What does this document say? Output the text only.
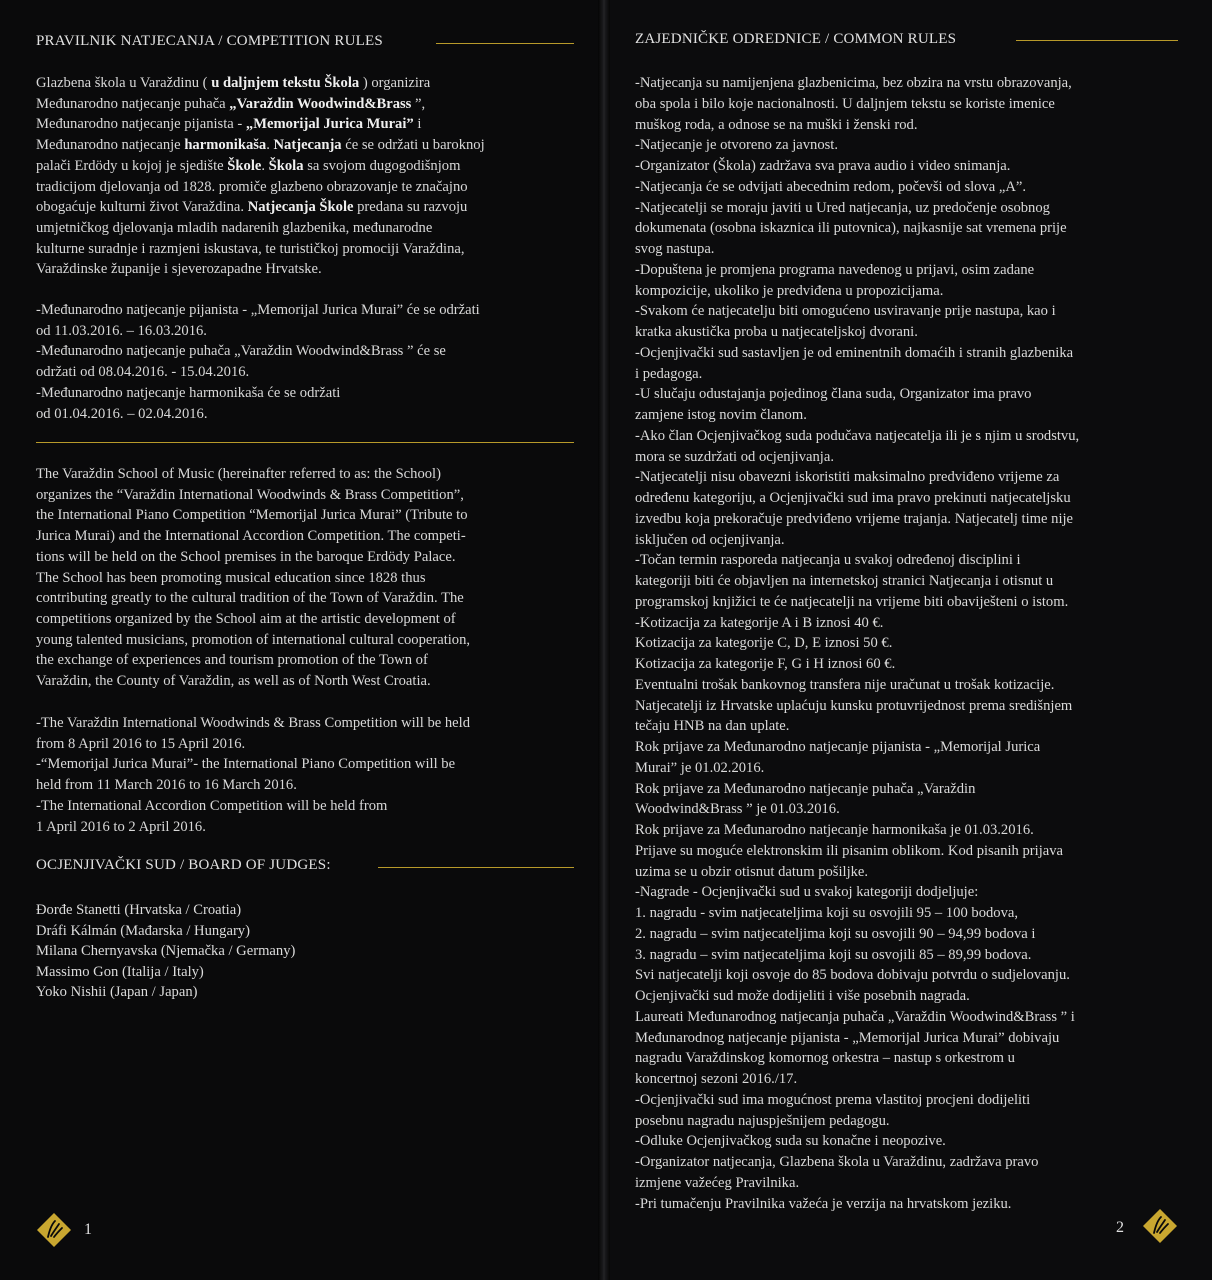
PRAVILNIK NATJECANJA / COMPETITION RULES

Glazbena škola u Varaždinu ( u daljnjem tekstu Škola ) organizira

Međunarodno natjecanje puhača „Varaždin Woodwind&Brass ”,

Međunarodno natjecanje pijanista - „Memorijal Jurica Murai” i

Međunarodno natjecanje harmonikaša. Natjecanja će se održati u baroknoj

palači Erdödy u kojoj je sjedište Škole. Škola sa svojom dugogodišnjom

tradicijom djelovanja od 1828. promiče glazbeno obrazovanje te značajno

obogaćuje kulturni život Varaždina. Natjecanja Škole predana su razvoju

umjetničkog djelovanja mladih nadarenih glazbenika, međunarodne

kulturne suradnje i razmjeni iskustava, te turističkoj promociji Varaždina,

Varaždinske županije i sjeverozapadne Hrvatske.

-Međunarodno natjecanje pijanista - „Memorijal Jurica Murai” će se održati

od 11.03.2016. – 16.03.2016.

-Međunarodno natjecanje puhača „Varaždin Woodwind&Brass ” će se

održati od 08.04.2016. - 15.04.2016.

-Međunarodno natjecanje harmonikaša će se održati

od 01.04.2016. – 02.04.2016.

The Varaždin School of Music (hereinafter referred to as: the School)

organizes the “Varaždin International Woodwinds & Brass Competition”,

the International Piano Competition “Memorijal Jurica Murai” (Tribute to

Jurica Murai) and the International Accordion Competition. The competi-

tions will be held on the School premises in the baroque Erdödy Palace.

The School has been promoting musical education since 1828 thus

contributing greatly to the cultural tradition of the Town of Varaždin. The

competitions organized by the School aim at the artistic development of

young talented musicians, promotion of international cultural cooperation,

the exchange of experiences and tourism promotion of the Town of

Varaždin, the County of Varaždin, as well as of North West Croatia.

-The Varaždin International Woodwinds & Brass Competition will be held

from 8 April 2016 to 15 April 2016.

-“Memorijal Jurica Murai”- the International Piano Competition will be

held from 11 March 2016 to 16 March 2016.

-The International Accordion Competition will be held from

1 April 2016 to 2 April 2016.

OCJENJIVAČKI SUD / BOARD OF JUDGES:

Đorđe Stanetti (Hrvatska / Croatia)

Dráfi Kálmán (Mađarska / Hungary)

Milana Chernyavska (Njemačka / Germany)

Massimo Gon (Italija / Italy)

Yoko Nishii (Japan / Japan)

1
ZAJEDNIČKE ODREDNICE / COMMON RULES

-Natjecanja su namijenjena glazbenicima, bez obzira na vrstu obrazovanja,

oba spola i bilo koje nacionalnosti. U daljnjem tekstu se koriste imenice

muškog roda, a odnose se na muški i ženski rod.

-Natjecanje je otvoreno za javnost.

-Organizator (Škola) zadržava sva prava audio i video snimanja.

-Natjecanja će se odvijati abecednim redom, počevši od slova „A”.

-Natjecatelji se moraju javiti u Ured natjecanja, uz predočenje osobnog

dokumenata (osobna iskaznica ili putovnica), najkasnije sat vremena prije

svog nastupa.

-Dopuštena je promjena programa navedenog u prijavi, osim zadane

kompozicije, ukoliko je predviđena u propozicijama.

-Svakom će natjecatelju biti omogućeno usviravanje prije nastupa, kao i

kratka akustička proba u natjecateljskoj dvorani.

-Ocjenjivački sud sastavljen je od eminentnih domaćih i stranih glazbenika

i pedagoga.

-U slučaju odustajanja pojedinog člana suda, Organizator ima pravo

zamjene istog novim članom.

-Ako član Ocjenjivačkog suda podučava natjecatelja ili je s njim u srodstvu,

mora se suzdržati od ocjenjivanja.

-Natjecatelji nisu obavezni iskoristiti maksimalno predviđeno vrijeme za

određenu kategoriju, a Ocjenjivački sud ima pravo prekinuti natjecateljsku

izvedbu koja prekoračuje predviđeno vrijeme trajanja. Natjecatelj time nije

isključen od ocjenjivanja.

-Točan termin rasporeda natjecanja u svakoj određenoj disciplini i

kategoriji biti će objavljen na internetskoj stranici Natjecanja i otisnut u

programskoj knjižici te će natjecatelji na vrijeme biti obaviješteni o istom.

-Kotizacija za kategorije A i B iznosi 40 €.

Kotizacija za kategorije C, D, E iznosi 50 €.

Kotizacija za kategorije F, G i H iznosi 60 €.

Eventualni trošak bankovnog transfera nije uračunat u trošak kotizacije.

Natjecatelji iz Hrvatske uplaćuju kunsku protuvrijednost prema središnjem

tečaju HNB na dan uplate.

Rok prijave za Međunarodno natjecanje pijanista - „Memorijal Jurica

Murai” je 01.02.2016.

Rok prijave za Međunarodno natjecanje puhača „Varaždin

Woodwind&Brass ” je 01.03.2016.

Rok prijave za Međunarodno natjecanje harmonikaša je 01.03.2016.

Prijave su moguće elektronskim ili pisanim oblikom. Kod pisanih prijava

uzima se u obzir otisnut datum pošiljke.

-Nagrade - Ocjenjivački sud u svakoj kategoriji dodjeljuje:

1. nagradu - svim natjecateljima koji su osvojili 95 – 100 bodova,

2. nagradu – svim natjecateljima koji su osvojili 90 – 94,99 bodova i

3. nagradu – svim natjecateljima koji su osvojili 85 – 89,99 bodova.

Svi natjecatelji koji osvoje do 85 bodova dobivaju potvrdu o sudjelovanju.

Ocjenjivački sud može dodijeliti i više posebnih nagrada.

Laureati Međunarodnog natjecanja puhača „Varaždin Woodwind&Brass ” i

Međunarodnog natjecanje pijanista - „Memorijal Jurica Murai” dobivaju

nagradu Varaždinskog komornog orkestra – nastup s orkestrom u

koncertnoj sezoni 2016./17.

-Ocjenjivački sud ima mogućnost prema vlastitoj procjeni dodijeliti

posebnu nagradu najuspješnijem pedagogu.

-Odluke Ocjenjivačkog suda su konačne i neopozive.

-Organizator natjecanja, Glazbena škola u Varaždinu, zadržava pravo

izmjene važećeg Pravilnika.

-Pri tumačenju Pravilnika važeća je verzija na hrvatskom jeziku.

2
